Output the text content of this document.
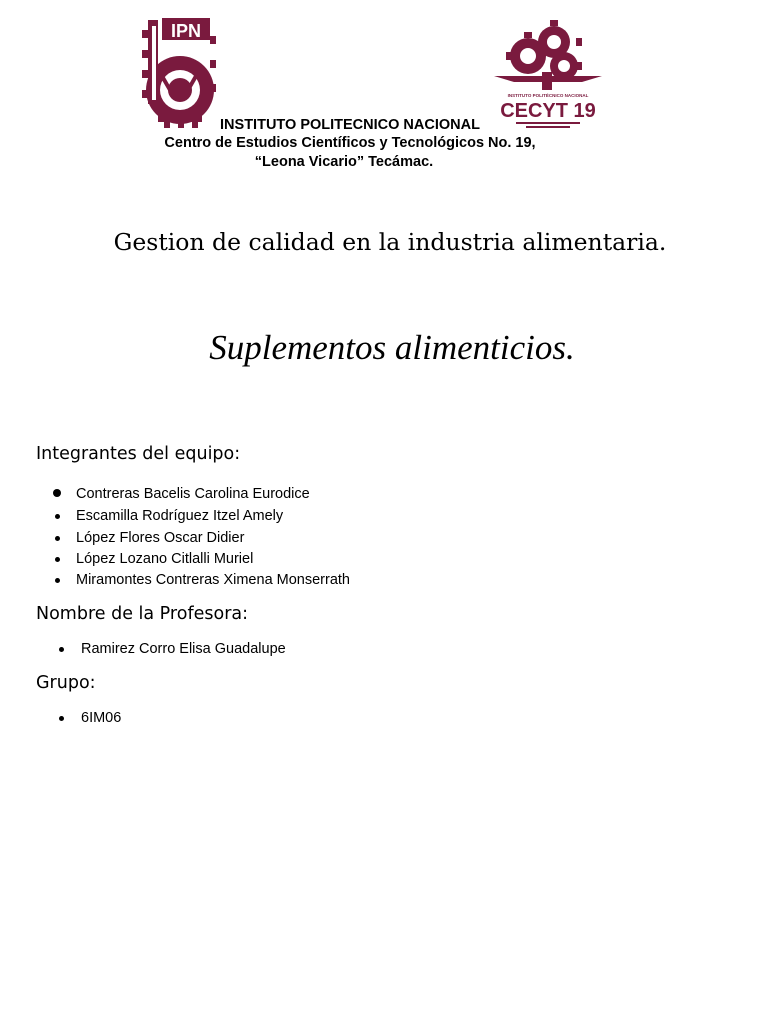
IPN
INSTITUTO POLITÉCNICO NACIONAL
CECYT 19
INSTITUTO POLITECNICO NACIONAL
Centro de Estudios Científicos y Tecnológicos No. 19,
“Leona Vicario” Tecámac.
Gestion de calidad en la industria alimentaria.
Suplementos alimenticios.
Integrantes del equipo:
Contreras Bacelis Carolina Eurodice
Escamilla Rodríguez Itzel Amely
López Flores Oscar Didier
López Lozano Citlalli Muriel
Miramontes Contreras Ximena Monserrath
Nombre de la Profesora:
Ramirez Corro Elisa Guadalupe
Grupo:
6IM06
